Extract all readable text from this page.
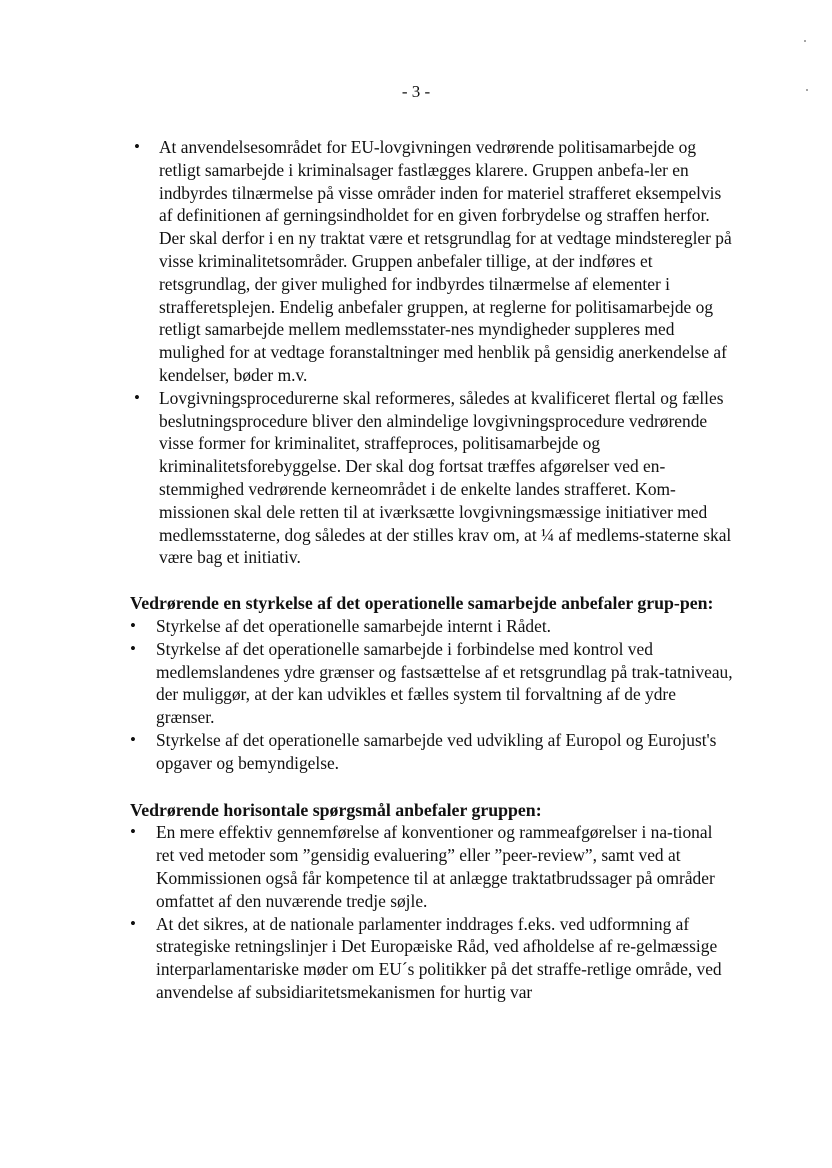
- 3 -
• At anvendelsesområdet for EU-lovgivningen vedrørende politisamarbejde og retligt samarbejde i kriminalsager fastlægges klarere. Gruppen anbefa-ler en indbyrdes tilnærmelse på visse områder inden for materiel strafferet eksempelvis af definitionen af gerningsindholdet for en given forbrydelse og straffen herfor. Der skal derfor i en ny traktat være et retsgrundlag for at vedtage mindsteregler på visse kriminalitetsområder. Gruppen anbefaler tillige, at der indføres et retsgrundlag, der giver mulighed for indbyrdes tilnærmelse af elementer i strafferetsplejen. Endelig anbefaler gruppen, at reglerne for politisamarbejde og retligt samarbejde mellem medlemsstater-nes myndigheder suppleres med mulighed for at vedtage foranstaltninger med henblik på gensidig anerkendelse af kendelser, bøder m.v.
• Lovgivningsprocedurerne skal reformeres, således at kvalificeret flertal og fælles beslutningsprocedure bliver den almindelige lovgivningsprocedure vedrørende visse former for kriminalitet, straffeproces, politisamarbejde og kriminalitetsforebyggelse. Der skal dog fortsat træffes afgørelser ved en-stemmighed vedrørende kerneområdet i de enkelte landes strafferet. Kom-missionen skal dele retten til at iværksætte lovgivningsmæssige initiativer med medlemsstaterne, dog således at der stilles krav om, at ¼ af medlems-staterne skal være bag et initiativ.
Vedrørende en styrkelse af det operationelle samarbejde anbefaler grup-pen:
• Styrkelse af det operationelle samarbejde internt i Rådet.
• Styrkelse af det operationelle samarbejde i forbindelse med kontrol ved medlemslandenes ydre grænser og fastsættelse af et retsgrundlag på trak-tatniveau, der muliggør, at der kan udvikles et fælles system til forvaltning af de ydre grænser.
• Styrkelse af det operationelle samarbejde ved udvikling af Europol og Eurojust's opgaver og bemyndigelse.
Vedrørende horisontale spørgsmål anbefaler gruppen:
• En mere effektiv gennemførelse af konventioner og rammeafgørelser i na-tional ret ved metoder som ”gensidig evaluering” eller ”peer-review”, samt ved at Kommissionen også får kompetence til at anlægge traktatbrudssager på områder omfattet af den nuværende tredje søjle.
• At det sikres, at de nationale parlamenter inddrages f.eks. ved udformning af strategiske retningslinjer i Det Europæiske Råd, ved afholdelse af re-gelmæssige interparlamentariske møder om EU´s politikker på det straffe-retlige område, ved anvendelse af subsidiaritetsmekanismen for hurtig var
